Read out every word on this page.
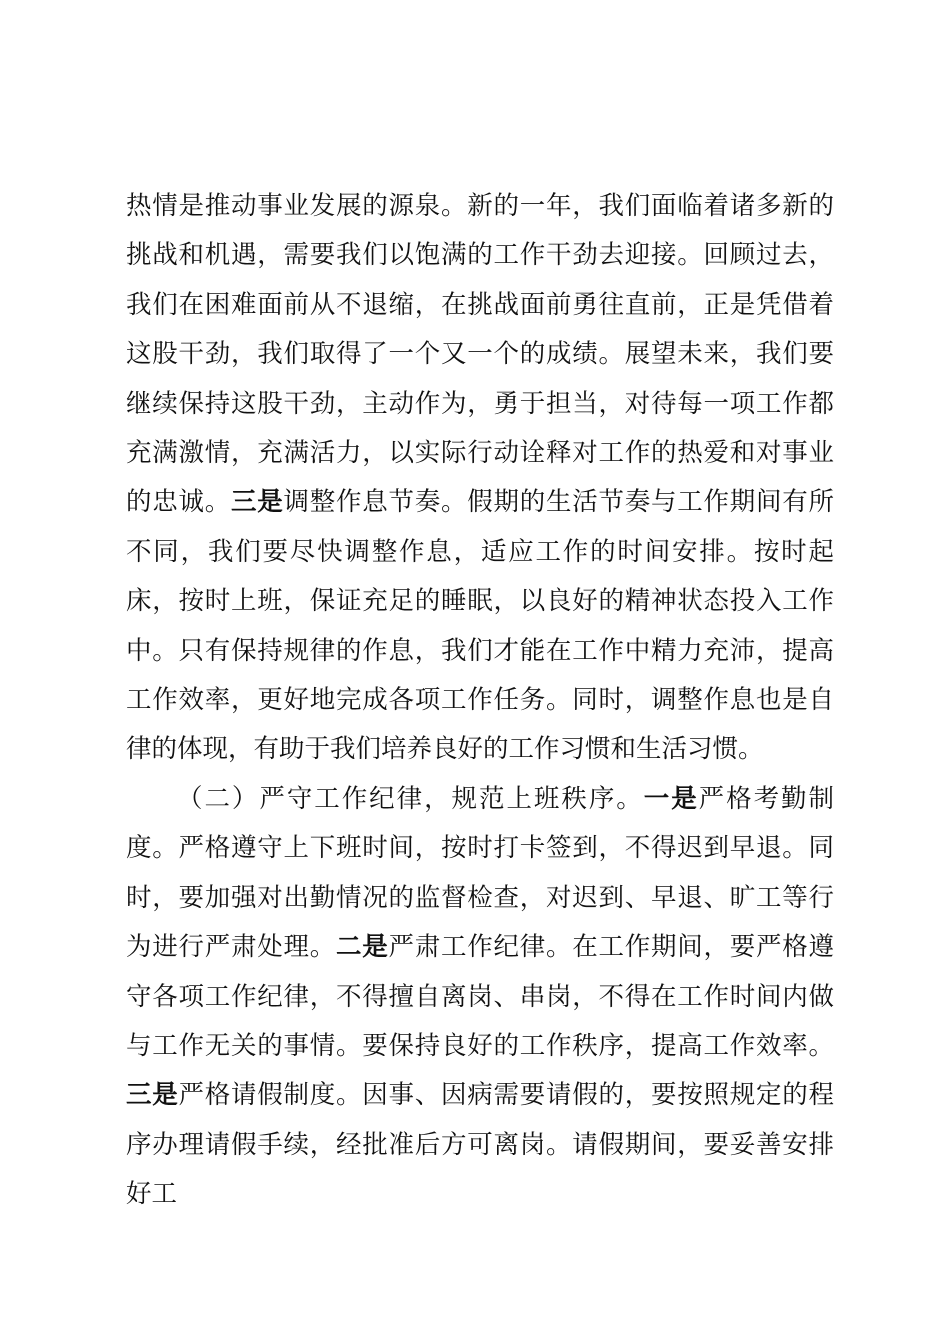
热情是推动事业发展的源泉。新的一年，我们面临着诸多新的挑战和机遇，需要我们以饱满的工作干劲去迎接。回顾过去，我们在困难面前从不退缩，在挑战面前勇往直前，正是凭借着这股干劲，我们取得了一个又一个的成绩。展望未来，我们要继续保持这股干劲，主动作为，勇于担当，对待每一项工作都充满激情，充满活力，以实际行动诠释对工作的热爱和对事业的忠诚。三是调整作息节奏。假期的生活节奏与工作期间有所不同，我们要尽快调整作息，适应工作的时间安排。按时起床，按时上班，保证充足的睡眠，以良好的精神状态投入工作中。只有保持规律的作息，我们才能在工作中精力充沛，提高工作效率，更好地完成各项工作任务。同时，调整作息也是自律的体现，有助于我们培养良好的工作习惯和生活习惯。

（二）严守工作纪律，规范上班秩序。一是严格考勤制度。严格遵守上下班时间，按时打卡签到，不得迟到早退。同时，要加强对出勤情况的监督检查，对迟到、早退、旷工等行为进行严肃处理。二是严肃工作纪律。在工作期间，要严格遵守各项工作纪律，不得擅自离岗、串岗，不得在工作时间内做与工作无关的事情。要保持良好的工作秩序，提高工作效率。三是严格请假制度。因事、因病需要请假的，要按照规定的程序办理请假手续，经批准后方可离岗。请假期间，要妥善安排好工
